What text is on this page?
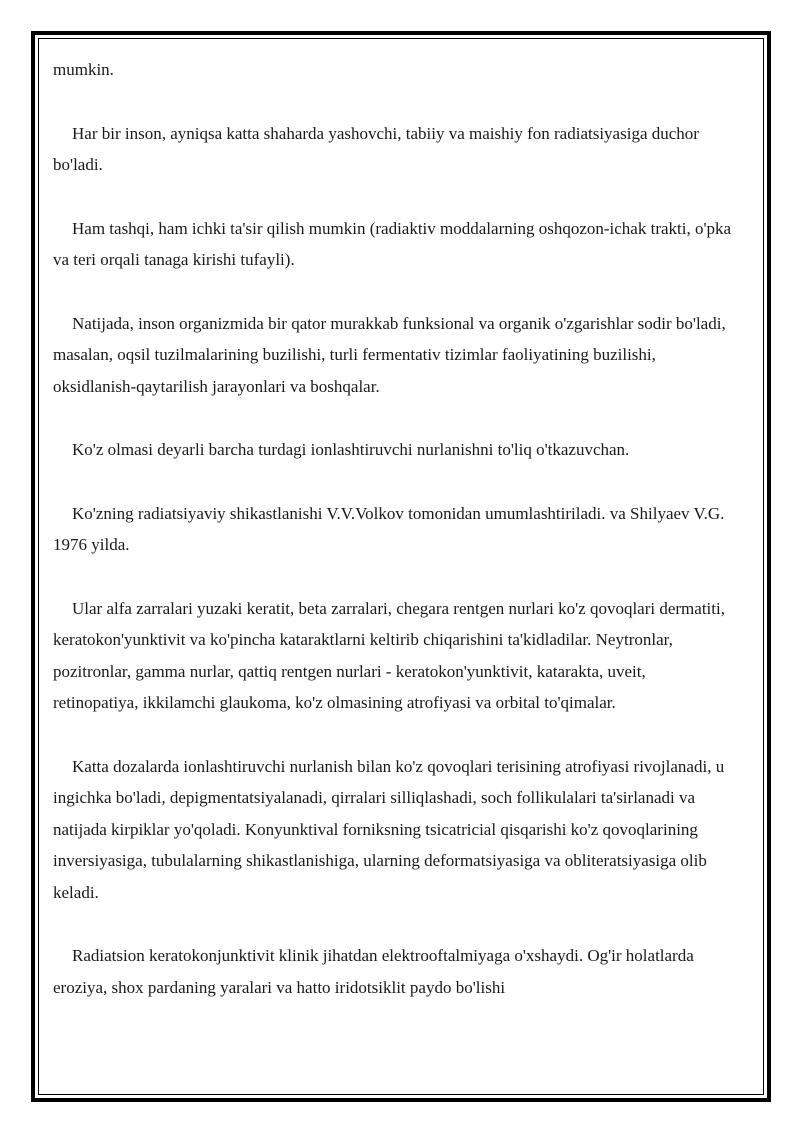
mumkin.

Har bir inson, ayniqsa katta shaharda yashovchi, tabiiy va maishiy fon radiatsiyasiga duchor bo'ladi.

Ham tashqi, ham ichki ta'sir qilish mumkin (radiaktiv moddalarning oshqozon-ichak trakti, o'pka va teri orqali tanaga kirishi tufayli).

Natijada, inson organizmida bir qator murakkab funksional va organik o'zgarishlar sodir bo'ladi, masalan, oqsil tuzilmalarining buzilishi, turli fermentativ tizimlar faoliyatining buzilishi, oksidlanish-qaytarilish jarayonlari va boshqalar.

Ko'z olmasi deyarli barcha turdagi ionlashtiruvchi nurlanishni to'liq o'tkazuvchan.

Ko'zning radiatsiyaviy shikastlanishi V.V.Volkov tomonidan umumlashtiriladi. va Shilyaev V.G. 1976 yilda.

Ular alfa zarralari yuzaki keratit, beta zarralari, chegara rentgen nurlari ko'z qovoqlari dermatiti, keratokon'yunktivit va ko'pincha kataraktlarni keltirib chiqarishini ta'kidladilar. Neytronlar, pozitronlar, gamma nurlar, qattiq rentgen nurlari - keratokon'yunktivit, katarakta, uveit, retinopatiya, ikkilamchi glaukoma, ko'z olmasining atrofiyasi va orbital to'qimalar.

Katta dozalarda ionlashtiruvchi nurlanish bilan ko'z qovoqlari terisining atrofiyasi rivojlanadi, u ingichka bo'ladi, depigmentatsiyalanadi, qirralari silliqlashadi, soch follikulalari ta'sirlanadi va natijada kirpiklar yo'qoladi. Konyunktival forniksning tsicatricial qisqarishi ko'z qovoqlarining inversiyasiga, tubulalarning shikastlanishiga, ularning deformatsiyasiga va obliteratsiyasiga olib keladi.

Radiatsion keratokonjunktivit klinik jihatdan elektrooftalmiyaga o'xshaydi. Og'ir holatlarda eroziya, shox pardaning yaralari va hatto iridotsiklit paydo bo'lishi
